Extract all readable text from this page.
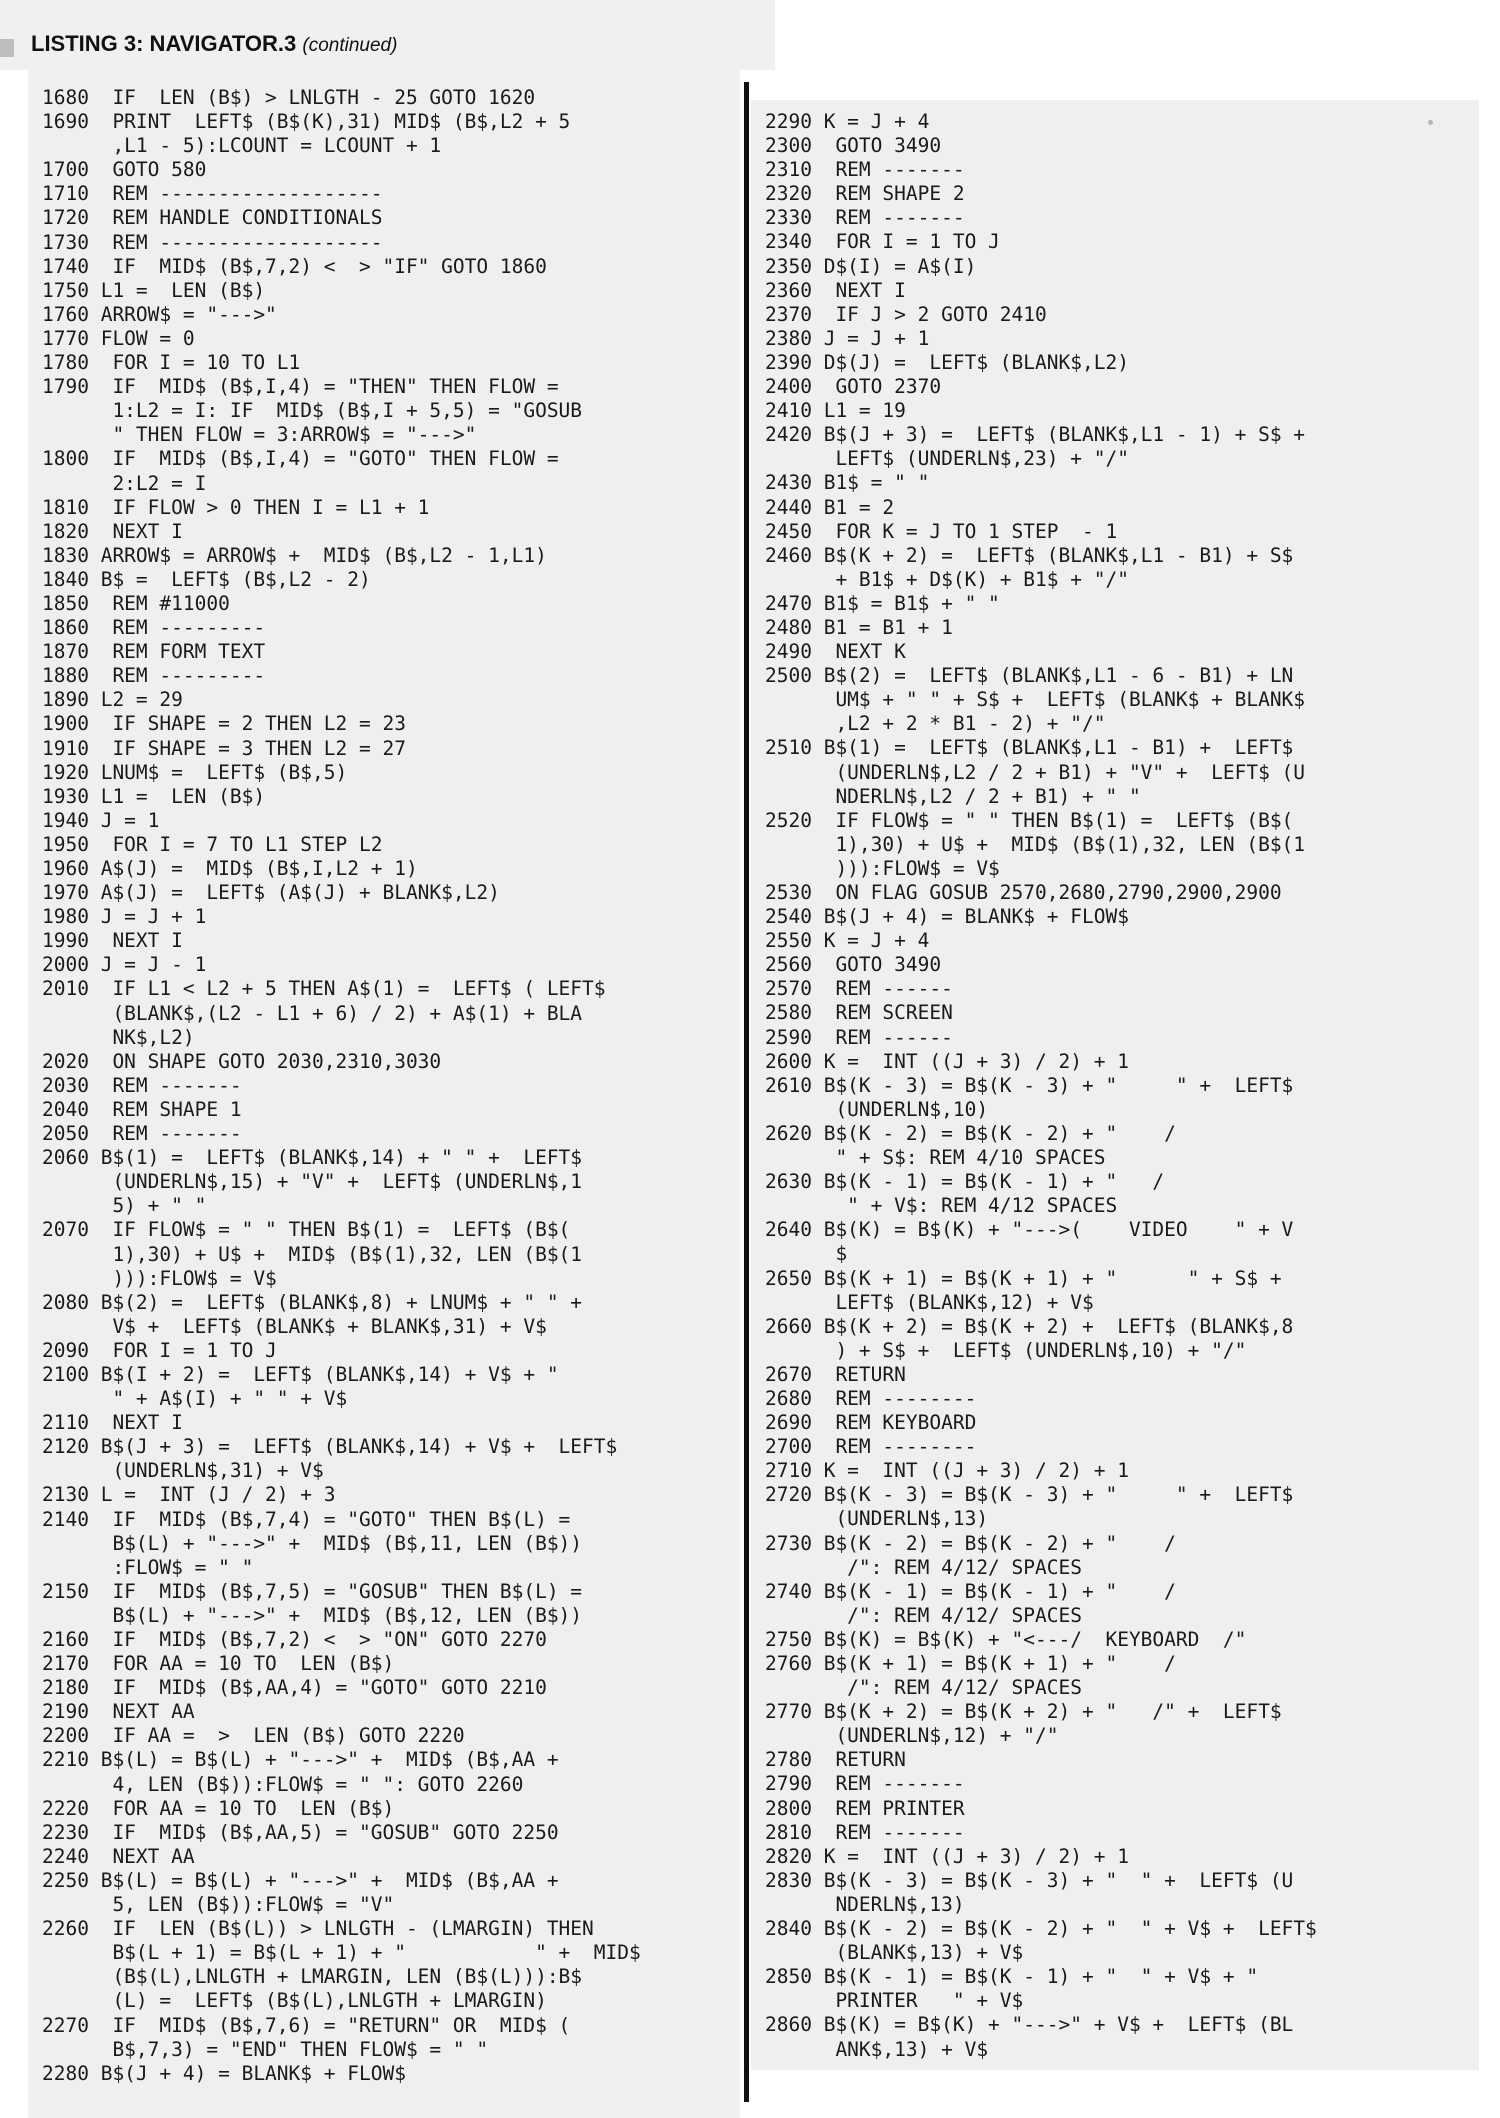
LISTING 3: NAVIGATOR.3 (continued)
1680  IF  LEN (B$) > LNLGTH - 25 GOTO 1620
1690  PRINT  LEFT$ (B$(K),31) MID$ (B$,L2 + 5
,L1 - 5):LCOUNT = LCOUNT + 1
1700  GOTO 580
1710  REM -------------------
1720  REM HANDLE CONDITIONALS
1730  REM -------------------
1740  IF  MID$ (B$,7,2) <  > "IF" GOTO 1860
1750 L1 =  LEN (B$)
1760 ARROW$ = "--->"
1770 FLOW = 0
1780  FOR I = 10 TO L1
1790  IF  MID$ (B$,I,4) = "THEN" THEN FLOW =
1:L2 = I: IF  MID$ (B$,I + 5,5) = "GOSUB
" THEN FLOW = 3:ARROW$ = "--->"
1800  IF  MID$ (B$,I,4) = "GOTO" THEN FLOW =
2:L2 = I
1810  IF FLOW > 0 THEN I = L1 + 1
1820  NEXT I
1830 ARROW$ = ARROW$ +  MID$ (B$,L2 - 1,L1)
1840 B$ =  LEFT$ (B$,L2 - 2)
1850  REM #11000
1860  REM ---------
1870  REM FORM TEXT
1880  REM ---------
1890 L2 = 29
1900  IF SHAPE = 2 THEN L2 = 23
1910  IF SHAPE = 3 THEN L2 = 27
1920 LNUM$ =  LEFT$ (B$,5)
1930 L1 =  LEN (B$)
1940 J = 1
1950  FOR I = 7 TO L1 STEP L2
1960 A$(J) =  MID$ (B$,I,L2 + 1)
1970 A$(J) =  LEFT$ (A$(J) + BLANK$,L2)
1980 J = J + 1
1990  NEXT I
2000 J = J - 1
2010  IF L1 < L2 + 5 THEN A$(1) =  LEFT$ ( LEFT$
(BLANK$,(L2 - L1 + 6) / 2) + A$(1) + BLA
NK$,L2)
2020  ON SHAPE GOTO 2030,2310,3030
2030  REM -------
2040  REM SHAPE 1
2050  REM -------
2060 B$(1) =  LEFT$ (BLANK$,14) + " " +  LEFT$
(UNDERLN$,15) + "V" +  LEFT$ (UNDERLN$,1
5) + " "
2070  IF FLOW$ = " " THEN B$(1) =  LEFT$ (B$(
1),30) + U$ +  MID$ (B$(1),32, LEN (B$(1
))):FLOW$ = V$
2080 B$(2) =  LEFT$ (BLANK$,8) + LNUM$ + " " +
V$ +  LEFT$ (BLANK$ + BLANK$,31) + V$
2090  FOR I = 1 TO J
2100 B$(I + 2) =  LEFT$ (BLANK$,14) + V$ + "
" + A$(I) + " " + V$
2110  NEXT I
2120 B$(J + 3) =  LEFT$ (BLANK$,14) + V$ +  LEFT$
(UNDERLN$,31) + V$
2130 L =  INT (J / 2) + 3
2140  IF  MID$ (B$,7,4) = "GOTO" THEN B$(L) =
B$(L) + "--->" +  MID$ (B$,11, LEN (B$))
:FLOW$ = " "
2150  IF  MID$ (B$,7,5) = "GOSUB" THEN B$(L) =
B$(L) + "--->" +  MID$ (B$,12, LEN (B$))
2160  IF  MID$ (B$,7,2) <  > "ON" GOTO 2270
2170  FOR AA = 10 TO  LEN (B$)
2180  IF  MID$ (B$,AA,4) = "GOTO" GOTO 2210
2190  NEXT AA
2200  IF AA =  >  LEN (B$) GOTO 2220
2210 B$(L) = B$(L) + "--->" +  MID$ (B$,AA +
4, LEN (B$)):FLOW$ = " ": GOTO 2260
2220  FOR AA = 10 TO  LEN (B$)
2230  IF  MID$ (B$,AA,5) = "GOSUB" GOTO 2250
2240  NEXT AA
2250 B$(L) = B$(L) + "--->" +  MID$ (B$,AA +
5, LEN (B$)):FLOW$ = "V"
2260  IF  LEN (B$(L)) > LNLGTH - (LMARGIN) THEN
B$(L + 1) = B$(L + 1) + "           " +  MID$
(B$(L),LNLGTH + LMARGIN, LEN (B$(L))):B$
(L) =  LEFT$ (B$(L),LNLGTH + LMARGIN)
2270  IF  MID$ (B$,7,6) = "RETURN" OR  MID$ (
B$,7,3) = "END" THEN FLOW$ = " "
2280 B$(J + 4) = BLANK$ + FLOW$
2290 K = J + 4
2300  GOTO 3490
2310  REM -------
2320  REM SHAPE 2
2330  REM -------
2340  FOR I = 1 TO J
2350 D$(I) = A$(I)
2360  NEXT I
2370  IF J > 2 GOTO 2410
2380 J = J + 1
2390 D$(J) =  LEFT$ (BLANK$,L2)
2400  GOTO 2370
2410 L1 = 19
2420 B$(J + 3) =  LEFT$ (BLANK$,L1 - 1) + S$ +
LEFT$ (UNDERLN$,23) + "/"
2430 B1$ = " "
2440 B1 = 2
2450  FOR K = J TO 1 STEP  - 1
2460 B$(K + 2) =  LEFT$ (BLANK$,L1 - B1) + S$
+ B1$ + D$(K) + B1$ + "/"
2470 B1$ = B1$ + " "
2480 B1 = B1 + 1
2490  NEXT K
2500 B$(2) =  LEFT$ (BLANK$,L1 - 6 - B1) + LN
UM$ + " " + S$ +  LEFT$ (BLANK$ + BLANK$
,L2 + 2 * B1 - 2) + "/"
2510 B$(1) =  LEFT$ (BLANK$,L1 - B1) +  LEFT$
(UNDERLN$,L2 / 2 + B1) + "V" +  LEFT$ (U
NDERLN$,L2 / 2 + B1) + " "
2520  IF FLOW$ = " " THEN B$(1) =  LEFT$ (B$(
1),30) + U$ +  MID$ (B$(1),32, LEN (B$(1
))):FLOW$ = V$
2530  ON FLAG GOSUB 2570,2680,2790,2900,2900
2540 B$(J + 4) = BLANK$ + FLOW$
2550 K = J + 4
2560  GOTO 3490
2570  REM ------
2580  REM SCREEN
2590  REM ------
2600 K =  INT ((J + 3) / 2) + 1
2610 B$(K - 3) = B$(K - 3) + "     " +  LEFT$
(UNDERLN$,10)
2620 B$(K - 2) = B$(K - 2) + "    /
" + S$: REM 4/10 SPACES
2630 B$(K - 1) = B$(K - 1) + "   /
" + V$: REM 4/12 SPACES
2640 B$(K) = B$(K) + "--->(    VIDEO    " + V
$
2650 B$(K + 1) = B$(K + 1) + "      " + S$ +
LEFT$ (BLANK$,12) + V$
2660 B$(K + 2) = B$(K + 2) +  LEFT$ (BLANK$,8
) + S$ +  LEFT$ (UNDERLN$,10) + "/"
2670  RETURN
2680  REM --------
2690  REM KEYBOARD
2700  REM --------
2710 K =  INT ((J + 3) / 2) + 1
2720 B$(K - 3) = B$(K - 3) + "     " +  LEFT$
(UNDERLN$,13)
2730 B$(K - 2) = B$(K - 2) + "    /
/": REM 4/12/ SPACES
2740 B$(K - 1) = B$(K - 1) + "    /
/": REM 4/12/ SPACES
2750 B$(K) = B$(K) + "<---/  KEYBOARD  /"
2760 B$(K + 1) = B$(K + 1) + "    /
/": REM 4/12/ SPACES
2770 B$(K + 2) = B$(K + 2) + "   /" +  LEFT$
(UNDERLN$,12) + "/"
2780  RETURN
2790  REM -------
2800  REM PRINTER
2810  REM -------
2820 K =  INT ((J + 3) / 2) + 1
2830 B$(K - 3) = B$(K - 3) + "  " +  LEFT$ (U
NDERLN$,13)
2840 B$(K - 2) = B$(K - 2) + "  " + V$ +  LEFT$
(BLANK$,13) + V$
2850 B$(K - 1) = B$(K - 1) + "  " + V$ + "
PRINTER   " + V$
2860 B$(K) = B$(K) + "--->" + V$ +  LEFT$ (BL
ANK$,13) + V$
